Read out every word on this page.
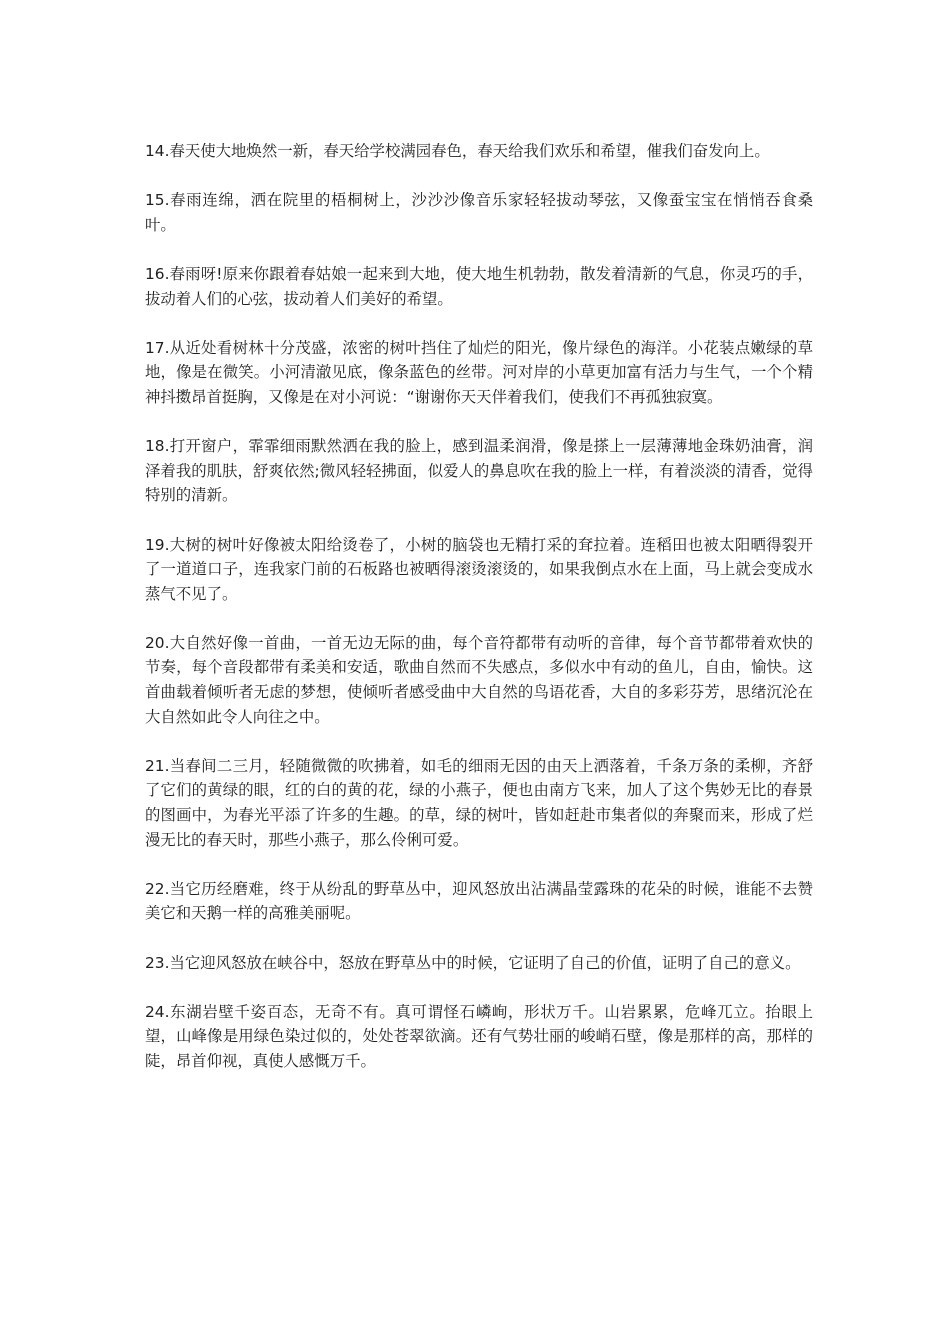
14.春天使大地焕然一新，春天给学校满园春色，春天给我们欢乐和希望，催我们奋发向上。

15.春雨连绵，洒在院里的梧桐树上，沙沙沙像音乐家轻轻拔动琴弦，又像蚕宝宝在悄悄吞食桑叶。

16.春雨呀!原来你跟着春姑娘一起来到大地，使大地生机勃勃，散发着清新的气息，你灵巧的手，拔动着人们的心弦，拔动着人们美好的希望。

17.从近处看树林十分茂盛，浓密的树叶挡住了灿烂的阳光，像片绿色的海洋。小花装点嫩绿的草地，像是在微笑。小河清澈见底，像条蓝色的丝带。河对岸的小草更加富有活力与生气，一个个精神抖擞昂首挺胸，又像是在对小河说：“谢谢你天天伴着我们，使我们不再孤独寂寞。

18.打开窗户，霏霏细雨默然洒在我的脸上，感到温柔润滑，像是搽上一层薄薄地金珠奶油膏，润泽着我的肌肤，舒爽依然;微风轻轻拂面，似爱人的鼻息吹在我的脸上一样，有着淡淡的清香，觉得特别的清新。

19.大树的树叶好像被太阳给烫卷了，小树的脑袋也无精打采的耷拉着。连稻田也被太阳晒得裂开了一道道口子，连我家门前的石板路也被晒得滚烫滚烫的，如果我倒点水在上面，马上就会变成水蒸气不见了。

20.大自然好像一首曲，一首无边无际的曲，每个音符都带有动听的音律，每个音节都带着欢快的节奏，每个音段都带有柔美和安适，歌曲自然而不失感点，多似水中有动的鱼儿，自由，愉快。这首曲载着倾听者无虑的梦想，使倾听者感受曲中大自然的鸟语花香，大自的多彩芬芳，思绪沉沦在大自然如此令人向往之中。

21.当春间二三月，轻随微微的吹拂着，如毛的细雨无因的由天上洒落着，千条万条的柔柳，齐舒了它们的黄绿的眼，红的白的黄的花，绿的小燕子，便也由南方飞来，加人了这个隽妙无比的春景的图画中，为春光平添了许多的生趣。的草，绿的树叶，皆如赶赴市集者似的奔聚而来，形成了烂漫无比的春天时，那些小燕子，那么伶俐可爱。

22.当它历经磨难，终于从纷乱的野草丛中，迎风怒放出沾满晶莹露珠的花朵的时候，谁能不去赞美它和天鹅一样的高雅美丽呢。

23.当它迎风怒放在峡谷中，怒放在野草丛中的时候，它证明了自己的价值，证明了自己的意义。

24.东湖岩壁千姿百态，无奇不有。真可谓怪石嶙峋，形状万千。山岩累累，危峰兀立。抬眼上望，山峰像是用绿色染过似的，处处苍翠欲滴。还有气势壮丽的峻峭石壁，像是那样的高，那样的陡，昂首仰视，真使人感慨万千。
